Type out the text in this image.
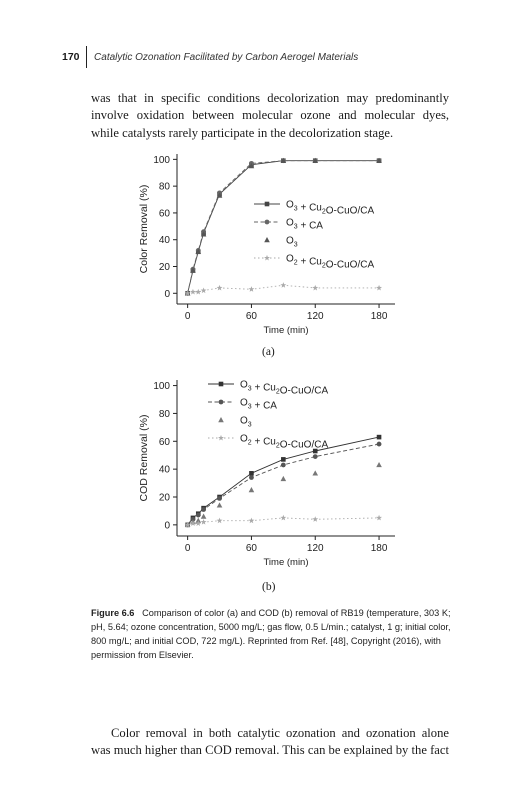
170 Catalytic Ozonation Facilitated by Carbon Aerogel Materials
was that in specific conditions decolorization may predominantly
involve oxidation between molecular ozone and molecular dyes,
while catalysts rarely participate in the decolorization stage.
0
20
40
60
80
100
0	60	120	180
Time (min)
Color Removal (%)	$O_3 + Cu_2O-CuO/CA$
$O_3$ + CA
$O_3$
$O_2 + Cu_2O-CuO/CA$
(a)
0
20
40
60
80
100
0	60	120	180
Time (min)
COD Removal (%)
$O_3 + Cu_2O-CuO/CA$
$O_3$ + CA
$O_3$
$O_2 + Cu_2O-CuO/CA$
(b)
Figure 6.6 Comparison of color (a) and COD (b) removal of RB19 (temperature, 303 K; pH, 5.64; ozone concentration, 5000 mg/L; gas flow, 0.5 L/min.; catalyst, 1 g; initial color, 800 mg/L; and initial COD, 722 mg/L). Reprinted from Ref. [48], Copyright (2016), with permission from Elsevier.
Color removal in both catalytic ozonation and ozonation alone
was much higher than COD removal. This can be explained by the fact
